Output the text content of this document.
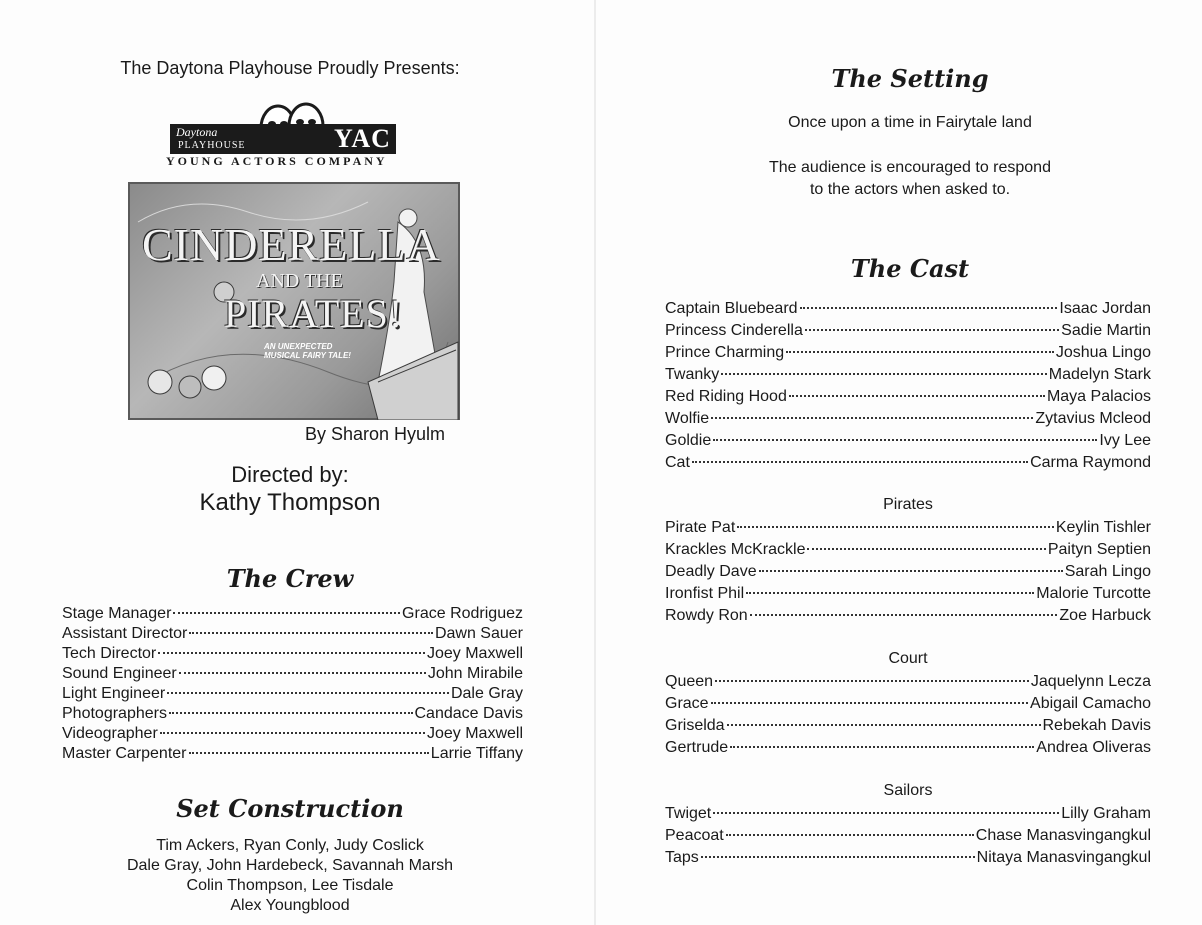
The Daytona Playhouse Proudly Presents:
Daytona
PLAYHOUSE	YAC
YOUNG ACTORS COMPANY
CINDERELLA
AND THE
PIRATES!
AN UNEXPECTED MUSICAL FAIRY TALE!
By Sharon Hyulm
Directed by:
Kathy Thompson
The Crew
Stage Manager	Grace Rodriguez
Assistant Director	Dawn Sauer
Tech Director	Joey Maxwell
Sound Engineer	John Mirabile
Light Engineer	Dale Gray
Photographers	Candace Davis
Videographer	Joey Maxwell
Master Carpenter	Larrie Tiffany
Set Construction
Tim Ackers, Ryan Conly, Judy Coslick
Dale Gray, John Hardebeck, Savannah Marsh
Colin Thompson, Lee Tisdale
Alex Youngblood
The Setting
Once upon a time in Fairytale land
The audience is encouraged to respond
to the actors when asked to.
The Cast
Captain Bluebeard	Isaac Jordan
Princess Cinderella	Sadie Martin
Prince Charming	Joshua Lingo
Twanky	Madelyn Stark
Red Riding Hood	Maya Palacios
Wolfie	Zytavius Mcleod
Goldie	Ivy Lee
Cat	Carma Raymond
Pirates
Pirate Pat	Keylin Tishler
Krackles McKrackle	Paityn Septien
Deadly Dave	Sarah Lingo
Ironfist Phil	Malorie Turcotte
Rowdy Ron	Zoe Harbuck
Court
Queen	Jaquelynn Lecza
Grace	Abigail Camacho
Griselda	Rebekah Davis
Gertrude	Andrea Oliveras
Sailors
Twiget	Lilly Graham
Peacoat	Chase Manasvingangkul
Taps	Nitaya Manasvingangkul
